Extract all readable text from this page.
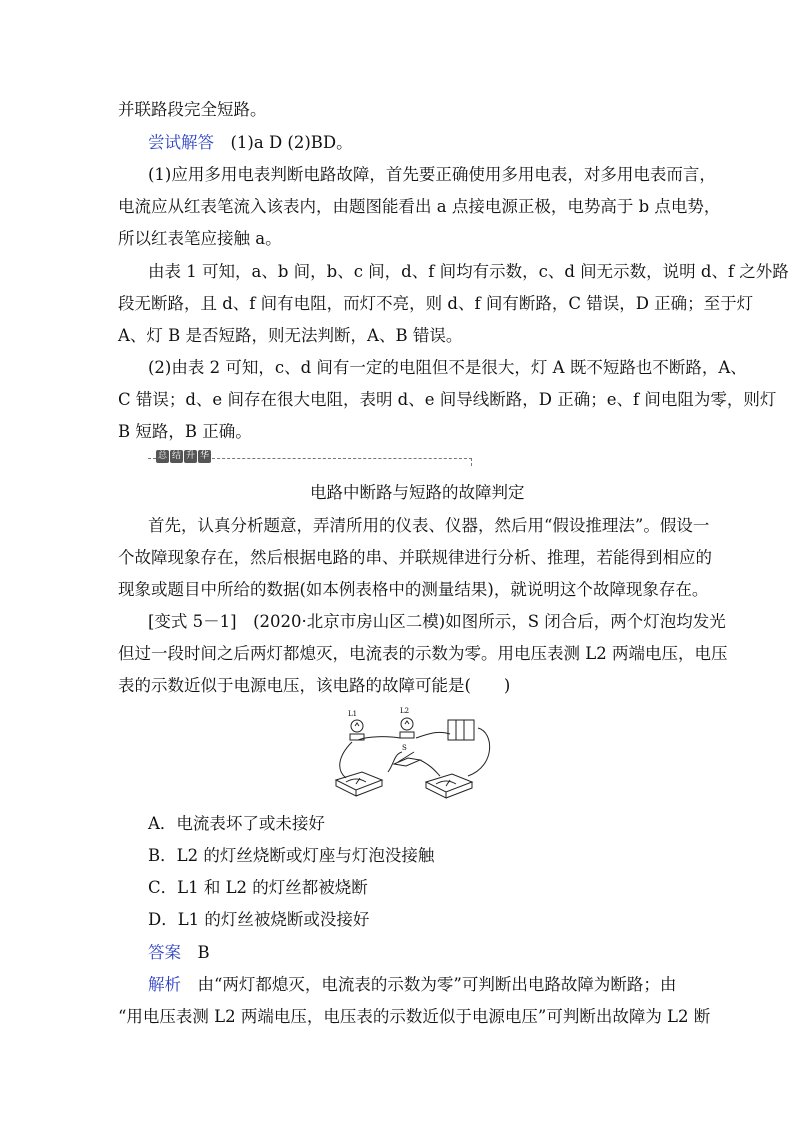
并联路段完全短路。
尝试解答　 (1)a D (2)BD。
(1)应用多用电表判断电路故障，首先要正确使用多用电表，对多用电表而言，
电流应从红表笔流入该表内，由题图能看出 a 点接电源正极，电势高于 b 点电势，
所以红表笔应接触 a。
由表 1 可知，a、b 间，b、c 间，d、f 间均有示数，c、d 间无示数，说明 d、f 之外路
段无断路，且 d、f 间有电阻，而灯不亮，则 d、f 间有断路，C 错误，D 正确；至于灯
A、灯 B 是否短路，则无法判断，A、B 错误。
(2)由表 2 可知，c、d 间有一定的电阻但不是很大，灯 A 既不短路也不断路，A、
C 错误；d、e 间存在很大电阻，表明 d、e 间导线断路，D 正确；e、f 间电阻为零，则灯
B 短路，B 正确。
总 结 升 华
电路中断路与短路的故障判定
首先，认真分析题意，弄清所用的仪表、仪器，然后用“假设推理法”。假设一
个故障现象存在，然后根据电路的串、并联规律进行分析、推理，若能得到相应的
现象或题目中所给的数据(如本例表格中的测量结果)，就说明这个故障现象存在。
[变式 5－1]　(2020·北京市房山区二模)如图所示，S 闭合后，两个灯泡均发光
但过一段时间之后两灯都熄灭，电流表的示数为零。用电压表测 L2 两端电压，电压
表的示数近似于电源电压，该电路的故障可能是(　　)
L1	L2
S
A．电流表坏了或未接好
B．L2 的灯丝烧断或灯座与灯泡没接触
C．L1 和 L2 的灯丝都被烧断
D．L1 的灯丝被烧断或没接好
答案　 B
解析　 由“两灯都熄灭，电流表的示数为零”可判断出电路故障为断路；由
“用电压表测 L2 两端电压，电压表的示数近似于电源电压”可判断出故障为 L2 断
